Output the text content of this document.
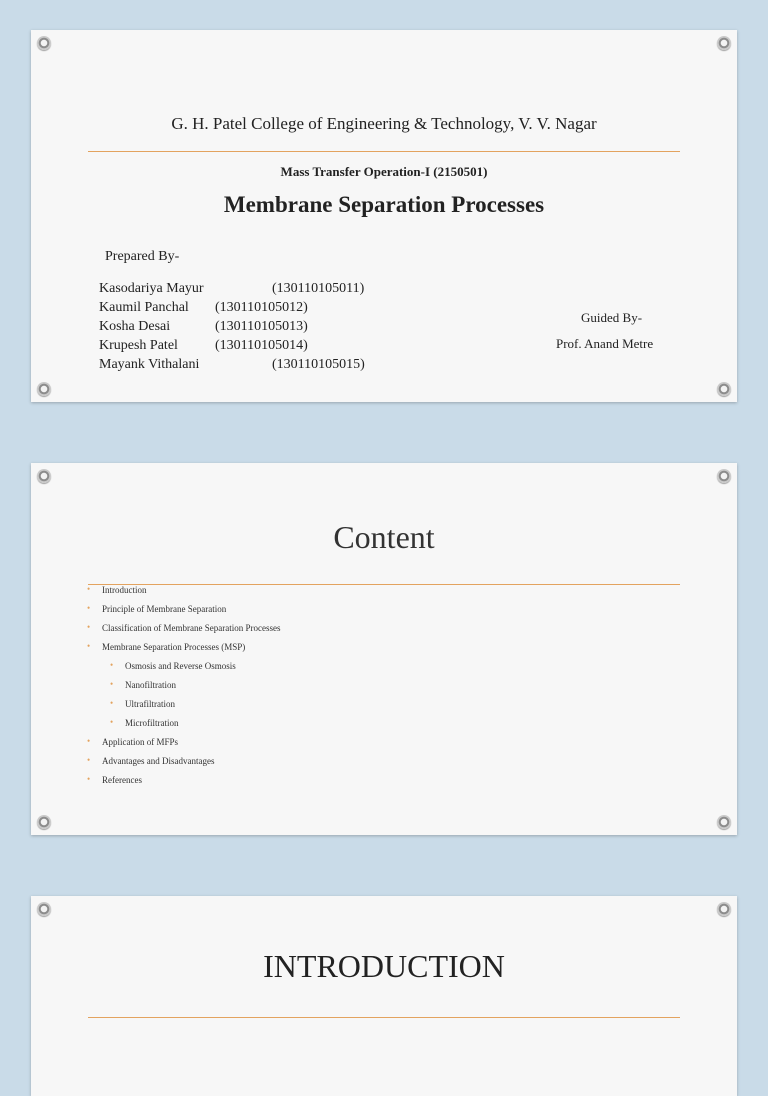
G. H. Patel College of Engineering & Technology, V. V. Nagar
Mass Transfer Operation-I (2150501)
Membrane Separation Processes
Prepared By-
Kasodariya Mayur	(130110105011)
Kaumil Panchal (130110105012)
Kosha Desai	(130110105013)
Krupesh Patel	(130110105014)
Mayank Vithalani	(130110105015)
Guided By-
Prof. Anand Metre
Content
• Introduction
• Principle of Membrane Separation
• Classification of Membrane Separation Processes
• Membrane Separation Processes (MSP)
• Osmosis and Reverse Osmosis
• Nanofiltration
• Ultrafiltration
• Microfiltration
• Application of MFPs
• Advantages and Disadvantages
• References
INTRODUCTION
